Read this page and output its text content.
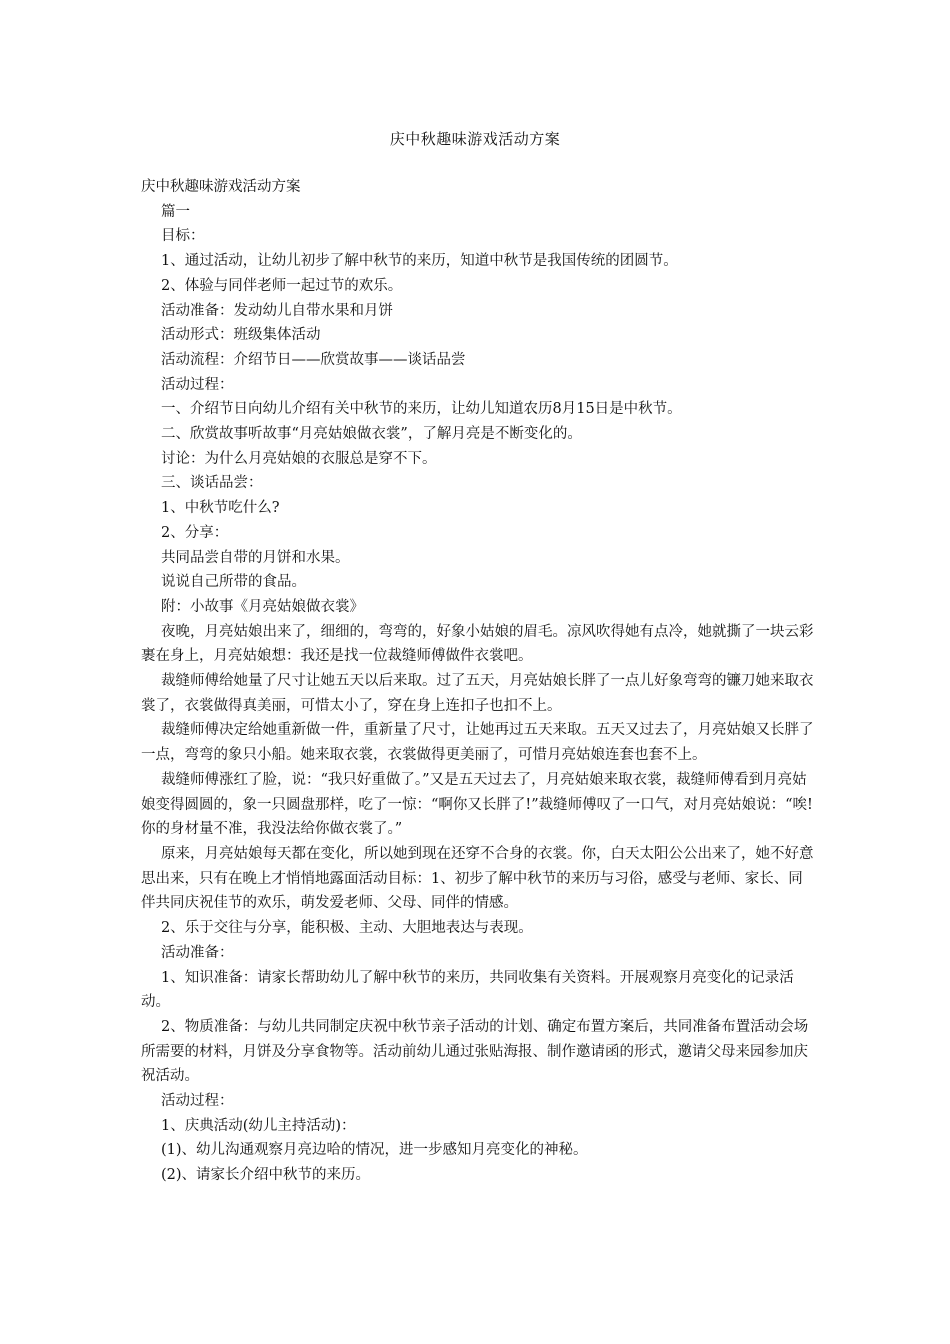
庆中秋趣味游戏活动方案

庆中秋趣味游戏活动方案

篇一

目标：

1、通过活动，让幼儿初步了解中秋节的来历，知道中秋节是我国传统的团圆节。

2、体验与同伴老师一起过节的欢乐。

活动准备：发动幼儿自带水果和月饼

活动形式：班级集体活动

活动流程：介绍节日——欣赏故事——谈话品尝

活动过程：

一、介绍节日向幼儿介绍有关中秋节的来历，让幼儿知道农历8月15日是中秋节。

二、欣赏故事听故事“月亮姑娘做衣裳”，了解月亮是不断变化的。

讨论：为什么月亮姑娘的衣服总是穿不下。

三、谈话品尝：

1、中秋节吃什么?

2、分享：

共同品尝自带的月饼和水果。

说说自己所带的食品。

附：小故事《月亮姑娘做衣裳》

夜晚，月亮姑娘出来了，细细的，弯弯的，好象小姑娘的眉毛。凉风吹得她有点冷，她就撕了一块云彩裹在身上，月亮姑娘想：我还是找一位裁缝师傅做件衣裳吧。

裁缝师傅给她量了尺寸让她五天以后来取。过了五天，月亮姑娘长胖了一点儿好象弯弯的镰刀她来取衣裳了，衣裳做得真美丽，可惜太小了，穿在身上连扣子也扣不上。

裁缝师傅决定给她重新做一件，重新量了尺寸，让她再过五天来取。五天又过去了，月亮姑娘又长胖了一点，弯弯的象只小船。她来取衣裳，衣裳做得更美丽了，可惜月亮姑娘连套也套不上。

裁缝师傅涨红了脸，说：“我只好重做了。”又是五天过去了，月亮姑娘来取衣裳，裁缝师傅看到月亮姑娘变得圆圆的，象一只圆盘那样，吃了一惊：“啊你又长胖了!”裁缝师傅叹了一口气，对月亮姑娘说：“唉!你的身材量不准，我没法给你做衣裳了。”

原来，月亮姑娘每天都在变化，所以她到现在还穿不合身的衣裳。你，白天太阳公公出来了，她不好意思出来，只有在晚上才悄悄地露面活动目标：1、初步了解中秋节的来历与习俗，感受与老师、家长、同伴共同庆祝佳节的欢乐，萌发爱老师、父母、同伴的情感。

2、乐于交往与分享，能积极、主动、大胆地表达与表现。

活动准备：

1、知识准备：请家长帮助幼儿了解中秋节的来历，共同收集有关资料。开展观察月亮变化的记录活动。

2、物质准备：与幼儿共同制定庆祝中秋节亲子活动的计划、确定布置方案后，共同准备布置活动会场所需要的材料，月饼及分享食物等。活动前幼儿通过张贴海报、制作邀请函的形式，邀请父母来园参加庆祝活动。

活动过程：

1、庆典活动(幼儿主持活动)：

(1)、幼儿沟通观察月亮边哈的情况，进一步感知月亮变化的神秘。

(2)、请家长介绍中秋节的来历。
